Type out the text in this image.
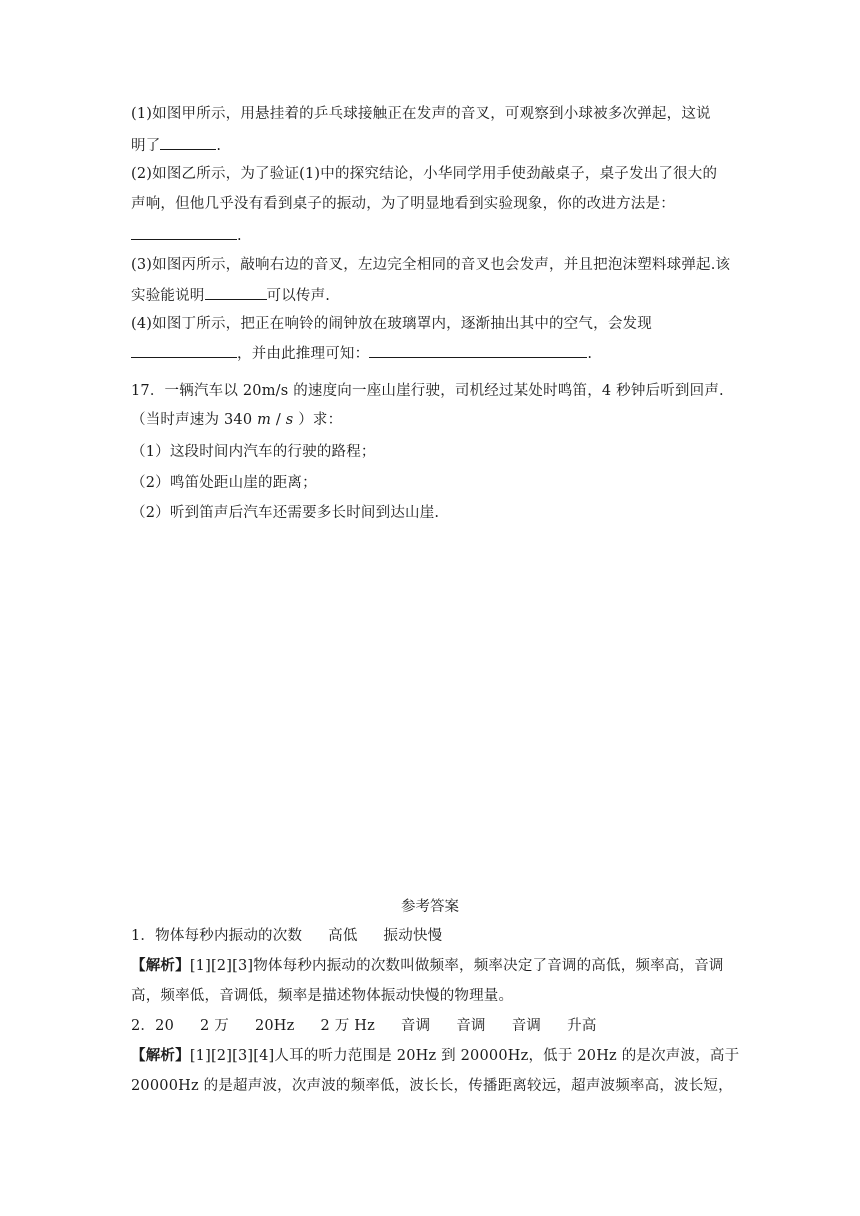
(1)如图甲所示，用悬挂着的乒乓球接触正在发声的音叉，可观察到小球被多次弹起，这说
明了	.
(2)如图乙所示，为了验证(1)中的探究结论，小华同学用手使劲敲桌子，桌子发出了很大的
声响，但他几乎没有看到桌子的振动，为了明显地看到实验现象，你的改进方法是：
.
(3)如图丙所示，敲响右边的音叉，左边完全相同的音叉也会发声，并且把泡沫塑料球弹起.该
实验能说明	可以传声.
(4)如图丁所示，把正在响铃的闹钟放在玻璃罩内，逐渐抽出其中的空气，会发现
，并由此推理可知：	.
17．一辆汽车以 20m/s 的速度向一座山崖行驶，司机经过某处时鸣笛，4 秒钟后听到回声.
（当时声速为 340 m / s ）求：
（1）这段时间内汽车的行驶的路程；
（2）鸣笛处距山崖的距离；
（2）听到笛声后汽车还需要多长时间到达山崖.
参考答案
1．物体每秒内振动的次数 高低 振动快慢
【解析】[1][2][3]物体每秒内振动的次数叫做频率，频率决定了音调的高低，频率高，音调
高，频率低，音调低，频率是描述物体振动快慢的物理量。
2．20 2 万 20Hz 2 万 Hz 音调 音调 音调 升高
【解析】[1][2][3][4]人耳的听力范围是 20Hz 到 20000Hz，低于 20Hz 的是次声波，高于
20000Hz 的是超声波，次声波的频率低，波长长，传播距离较远，超声波频率高，波长短，
